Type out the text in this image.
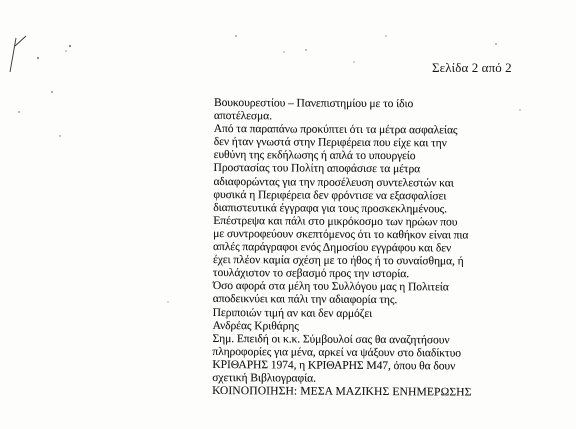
Σελίδα 2 από 2
Βουκουρεστίου – Πανεπιστημίου με το ίδιο
αποτέλεσμα.
Από τα παραπάνω προκύπτει ότι τα μέτρα ασφαλείας
δεν ήταν γνωστά στην Περιφέρεια που είχε και την
ευθύνη της εκδήλωσης ή απλά το υπουργείο
Προστασίας του Πολίτη αποφάσισε τα μέτρα
αδιαφορώντας για την προσέλευση συντελεστών και
φυσικά η Περιφέρεια δεν φρόντισε να εξασφαλίσει
διαπιστευτικά έγγραφα για τους προσκεκλημένους.
Επέστρεψα και πάλι στο μικρόκοσμο των ηρώων που
με συντροφεύουν σκεπτόμενος ότι το καθήκον είναι πια
απλές παράγραφοι ενός Δημοσίου εγγράφου και δεν
έχει πλέον καμία σχέση με το ήθος ή το συναίσθημα, ή
τουλάχιστον το σεβασμό προς την ιστορία.
Όσο αφορά στα μέλη του Συλλόγου μας η Πολιτεία
αποδεικνύει και πάλι την αδιαφορία της.
Περιποιών τιμή αν και δεν αρμόζει
Ανδρέας Κριθάρης
Σημ. Επειδή οι κ.κ. Σύμβουλοί σας θα αναζητήσουν
πληροφορίες για μένα, αρκεί να ψάξουν στο διαδίκτυο
ΚΡΙΘΑΡΗΣ 1974, η ΚΡΙΘΑΡΗΣ Μ47, όπου θα δουν
σχετική Βιβλιογραφία.
ΚΟΙΝΟΠΟΙΗΣΗ: ΜΕΣΑ ΜΑΖΙΚΗΣ ΕΝΗΜΕΡΩΣΗΣ
